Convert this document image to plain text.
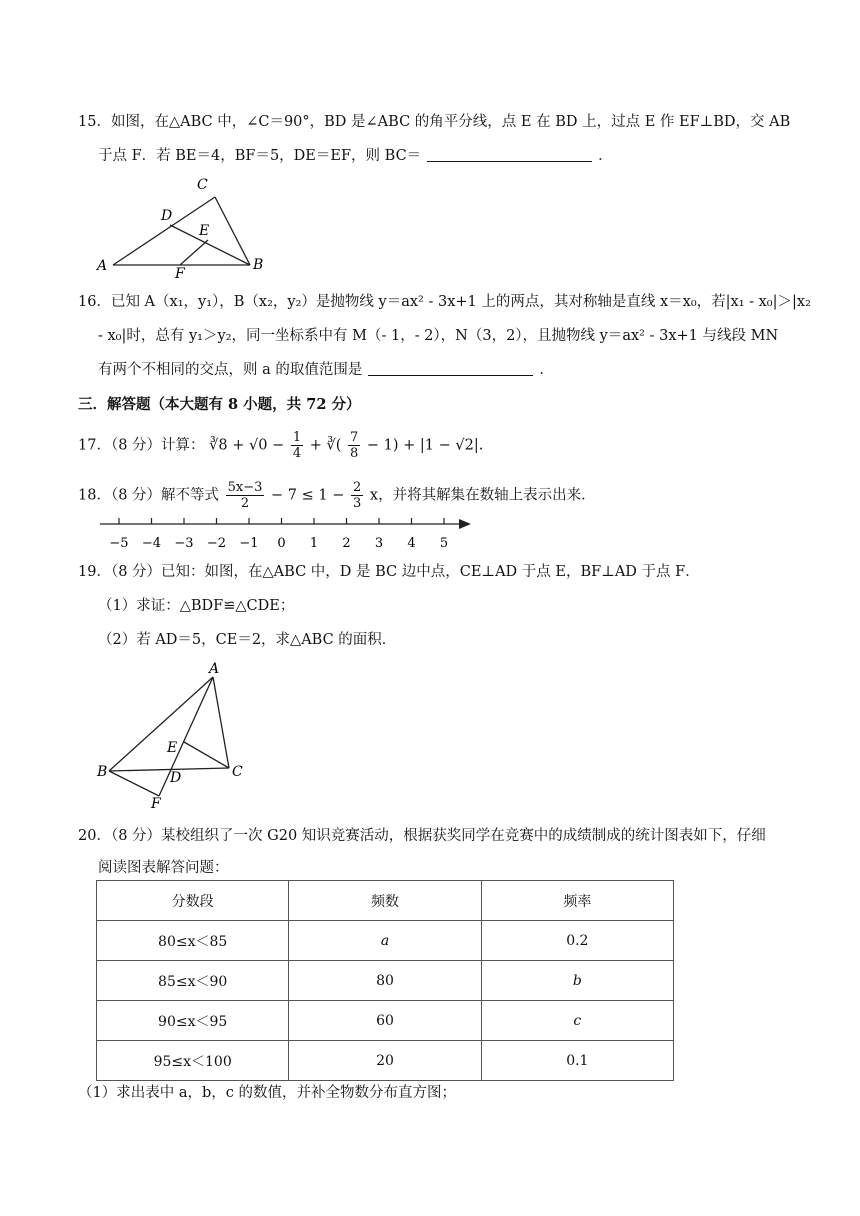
15．如图，在△ABC 中，∠C＝90°，BD 是∠ABC 的角平分线，点 E 在 BD 上，过点 E 作 EF⊥BD，交 AB
于点 F．若 BE＝4，BF＝5，DE＝EF，则 BC＝	．
C
D
E
A	B
F
16．已知 A（x₁，y₁），B（x₂，y₂）是抛物线 y＝ax² ‐ 3x+1 上的两点，其对称轴是直线 x＝x₀，若|x₁ ‐ x₀|＞|x₂
‐ x₀|时，总有 y₁＞y₂，同一坐标系中有 M（‐ 1，‐ 2），N（3，2），且抛物线 y＝ax² ‐ 3x+1 与线段 MN
有两个不相同的交点，则 a 的取值范围是	．
三．解答题（本大题有 8 小题，共 72 分）
17．（8 分）计算： ∛8 + $√0 - \frac{1}{4}$ + ∛( $\frac{7}{8} - 1) + |1 - √2|$.
18．（8 分）解不等式 $\frac{5x-3}{2} - 7 \le 1 - \frac{2}{3}$ x，并将其解集在数轴上表示出来．
−5 −4 −3 −2 −1 0 1 2 3 4 5
19．（8 分）已知：如图，在△ABC 中，D 是 BC 边中点，CE⊥AD 于点 E，BF⊥AD 于点 F．
（1）求证：△BDF≌△CDE；
（2）若 AD＝5，CE＝2，求△ABC 的面积．
A
E
B	C
D
F
20．（8 分）某校组织了一次 G20 知识竞赛活动，根据获奖同学在竞赛中的成绩制成的统计图表如下，仔细
阅读图表解答问题：
分数段	频数	频率
80≤x＜85	a	0.2
85≤x＜90	80	b
90≤x＜95	60	c
95≤x＜100	20	0.1
（1）求出表中 a，b，c 的数值，并补全物数分布直方图；
